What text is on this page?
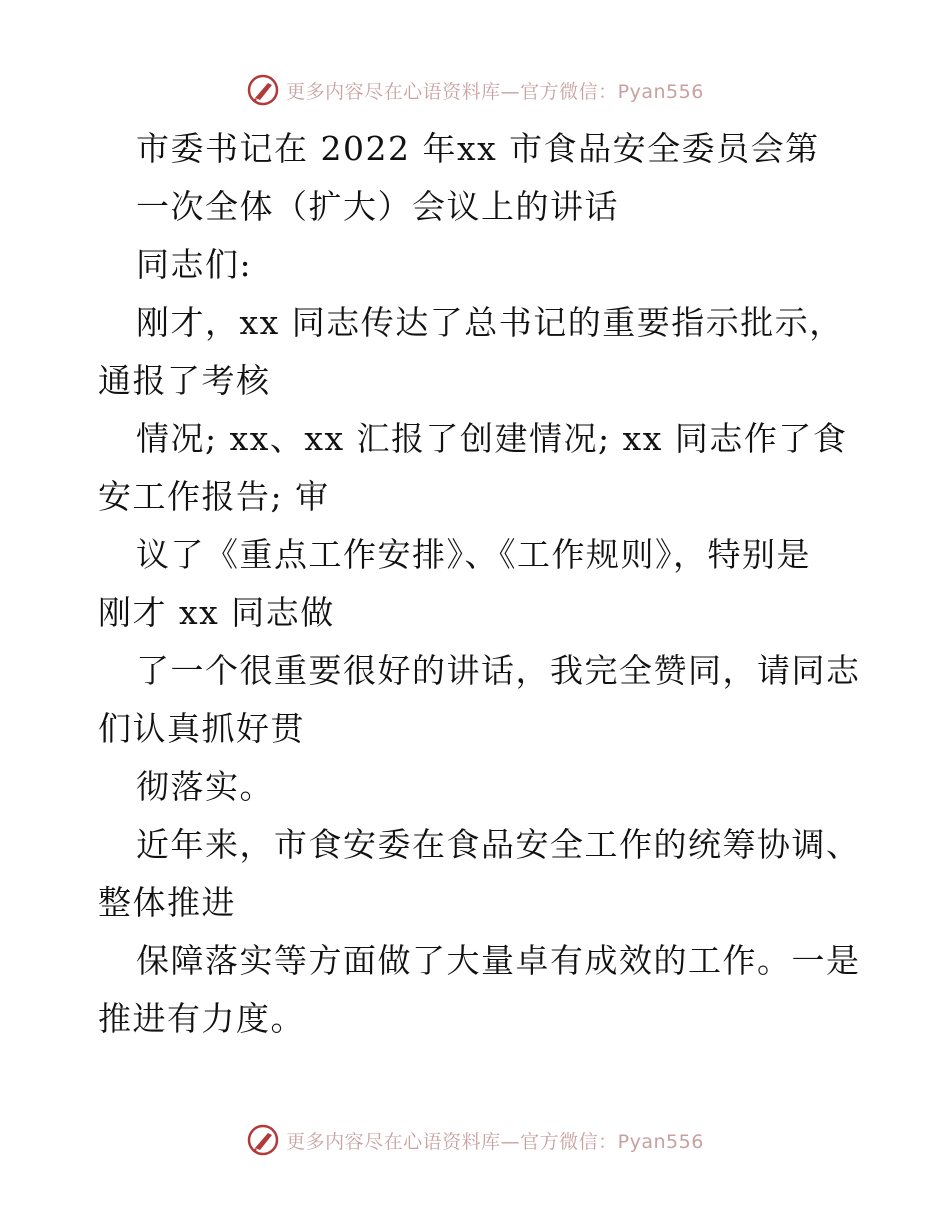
更多内容尽在心语资料库—官方微信：Pyan556
市委书记在 2022 年xx 市食品安全委员会第
一次全体（扩大）会议上的讲话
同志们:
刚才，xx 同志传达了总书记的重要指示批示，
通报了考核
情况; xx、xx 汇报了创建情况; xx 同志作了食
安工作报告; 审
议了《重点工作安排》、《工作规则》，特别是
刚才 xx 同志做
了一个很重要很好的讲话，我完全赞同，请同志
们认真抓好贯
彻落实。
近年来，市食安委在食品安全工作的统筹协调、
整体推进
保障落实等方面做了大量卓有成效的工作。一是
推进有力度。
更多内容尽在心语资料库—官方微信：Pyan556
